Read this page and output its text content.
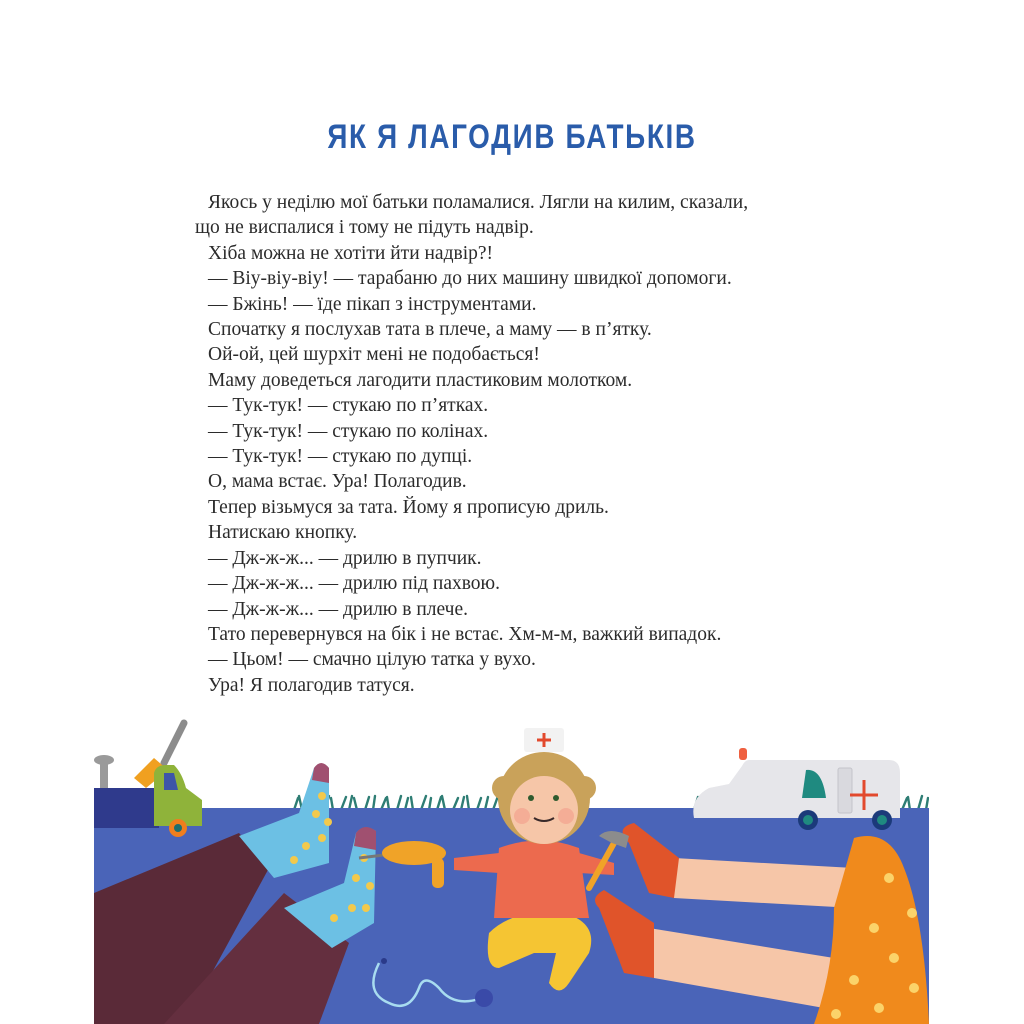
ЯК Я ЛАГОДИВ БАТЬКІВ

Якось у неділю мої батьки поламалися. Лягли на килим, сказали,

що не виспалися і тому не підуть надвір.

Хіба можна не хотіти йти надвір?!

— Віу-віу-віу! — тарабаню до них машину швидкої допомоги.

— Бжінь! — їде пікап з інструментами.

Спочатку я послухав тата в плече, а маму — в п’ятку.

Ой-ой, цей шурхіт мені не подобається!

Маму доведеться лагодити пластиковим молотком.

— Тук-тук! — стукаю по п’ятках.

— Тук-тук! — стукаю по колінах.

— Тук-тук! — стукаю по дупці.

О, мама встає. Ура! Полагодив.

Тепер візьмуся за тата. Йому я прописую дриль.

Натискаю кнопку.

— Дж-ж-ж... — дрилю в пупчик.

— Дж-ж-ж... — дрилю під пахвою.

— Дж-ж-ж... — дрилю в плече.

Тато перевернувся на бік і не встає. Хм-м-м, важкий випадок.

— Цьом! — смачно цілую татка у вухо.

Ура! Я полагодив татуся.
